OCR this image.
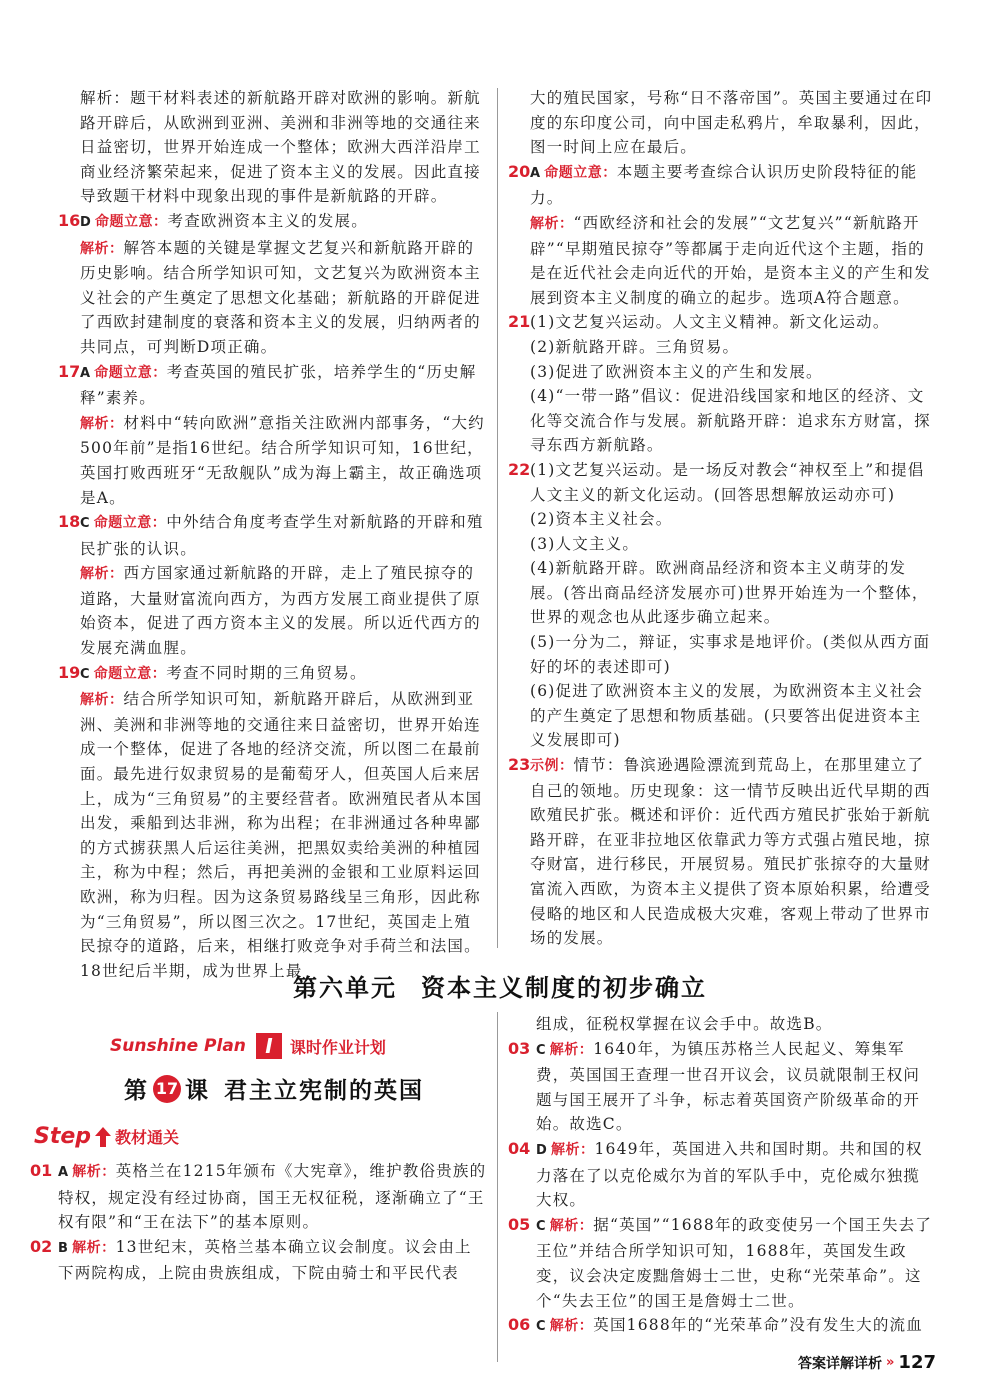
解析：题干材料表述的新航路开辟对欧洲的影响。新航路开辟后，从欧洲到亚洲、美洲和非洲等地的交通往来日益密切，世界开始连成一个整体；欧洲大西洋沿岸工商业经济繁荣起来，促进了资本主义的发展。因此直接导致题干材料中现象出现的事件是新航路的开辟。
16D 命题立意：考查欧洲资本主义的发展。
解析：解答本题的关键是掌握文艺复兴和新航路开辟的历史影响。结合所学知识可知，文艺复兴为欧洲资本主义社会的产生奠定了思想文化基础；新航路的开辟促进了西欧封建制度的衰落和资本主义的发展，归纳两者的共同点，可判断D项正确。
17A 命题立意：考查英国的殖民扩张，培养学生的“历史解释”素养。
解析：材料中“转向欧洲”意指关注欧洲内部事务，“大约500年前”是指16世纪。结合所学知识可知，16世纪，英国打败西班牙“无敌舰队”成为海上霸主，故正确选项是A。
18C 命题立意：中外结合角度考查学生对新航路的开辟和殖民扩张的认识。
解析：西方国家通过新航路的开辟，走上了殖民掠夺的道路，大量财富流向西方，为西方发展工商业提供了原始资本，促进了西方资本主义的发展。所以近代西方的发展充满血腥。
19C 命题立意：考查不同时期的三角贸易。
解析：结合所学知识可知，新航路开辟后，从欧洲到亚洲、美洲和非洲等地的交通往来日益密切，世界开始连成一个整体，促进了各地的经济交流，所以图二在最前面。最先进行奴隶贸易的是葡萄牙人，但英国人后来居上，成为“三角贸易”的主要经营者。欧洲殖民者从本国出发，乘船到达非洲，称为出程；在非洲通过各种卑鄙的方式掳获黑人后运往美洲，把黑奴卖给美洲的种植园主，称为中程；然后，再把美洲的金银和工业原料运回欧洲，称为归程。因为这条贸易路线呈三角形，因此称为“三角贸易”，所以图三次之。17世纪，英国走上殖民掠夺的道路，后来，相继打败竞争对手荷兰和法国。18世纪后半期，成为世界上最
大的殖民国家，号称“日不落帝国”。英国主要通过在印度的东印度公司，向中国走私鸦片，牟取暴利，因此，图一时间上应在最后。
20A 命题立意：本题主要考查综合认识历史阶段特征的能力。
解析：“西欧经济和社会的发展”“文艺复兴”“新航路开辟”“早期殖民掠夺”等都属于走向近代这个主题，指的是在近代社会走向近代的开始，是资本主义的产生和发展到资本主义制度的确立的起步。选项A符合题意。
21(1)文艺复兴运动。人文主义精神。新文化运动。
(2)新航路开辟。三角贸易。
(3)促进了欧洲资本主义的产生和发展。
(4)“一带一路”倡议：促进沿线国家和地区的经济、文化等交流合作与发展。新航路开辟：追求东方财富，探寻东西方新航路。
22(1)文艺复兴运动。是一场反对教会“神权至上”和提倡人文主义的新文化运动。(回答思想解放运动亦可)
(2)资本主义社会。
(3)人文主义。
(4)新航路开辟。欧洲商品经济和资本主义萌芽的发展。(答出商品经济发展亦可)世界开始连为一个整体，世界的观念也从此逐步确立起来。
(5)一分为二，辩证，实事求是地评价。(类似从西方面好的坏的表述即可)
(6)促进了欧洲资本主义的发展，为欧洲资本主义社会的产生奠定了思想和物质基础。(只要答出促进资本主义发展即可)
23示例：情节：鲁滨逊遇险漂流到荒岛上，在那里建立了自己的领地。历史现象：这一情节反映出近代早期的西欧殖民扩张。概述和评价：近代西方殖民扩张始于新航路开辟，在亚非拉地区依靠武力等方式强占殖民地，掠夺财富，进行移民，开展贸易。殖民扩张掠夺的大量财富流入西欧，为资本主义提供了资本原始积累，给遭受侵略的地区和人民造成极大灾难，客观上带动了世界市场的发展。
第六单元 资本主义制度的初步确立
Sunshine Plan I	课时作业计划
第 17 课 君主立宪制的英国
Step 教材通关
01 A 解析：英格兰在1215年颁布《大宪章》，维护教俗贵族的特权，规定没有经过协商，国王无权征税，逐渐确立了“王权有限”和“王在法下”的基本原则。
02 B 解析：13世纪末，英格兰基本确立议会制度。议会由上下两院构成，上院由贵族组成，下院由骑士和平民代表
组成，征税权掌握在议会手中。故选B。
03 C 解析：1640年，为镇压苏格兰人民起义、筹集军费，英国国王查理一世召开议会，议员就限制王权问题与国王展开了斗争，标志着英国资产阶级革命的开始。故选C。
04 D 解析：1649年，英国进入共和国时期。共和国的权力落在了以克伦威尔为首的军队手中，克伦威尔独揽大权。
05 C 解析：据“英国”“1688年的政变使另一个国王失去了王位”并结合所学知识可知，1688年，英国发生政变，议会决定废黜詹姆士二世，史称“光荣革命”。这个“失去王位”的国王是詹姆士二世。
06 C 解析：英国1688年的“光荣革命”没有发生大的流血
答案详解详析 » 127
